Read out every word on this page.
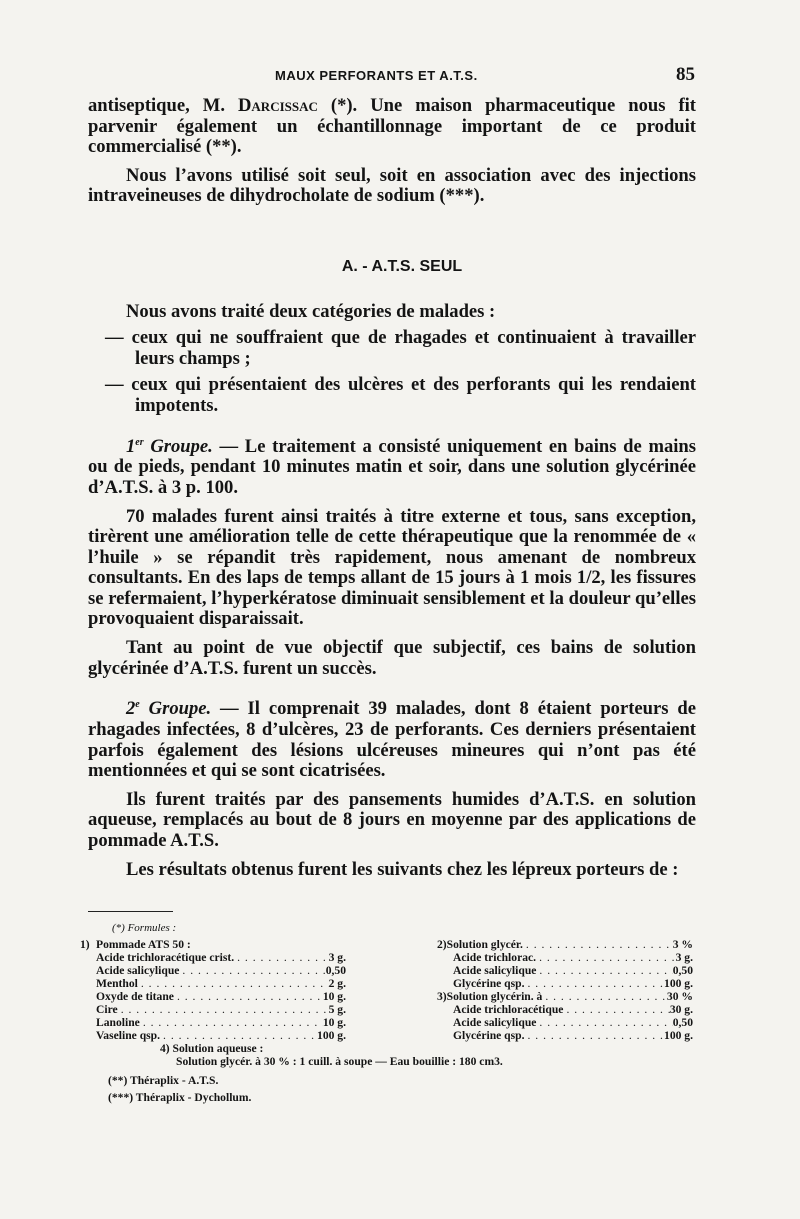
MAUX PERFORANTS ET A.T.S.	85

antiseptique, M. Darcissac (*). Une maison pharmaceutique nous fit parvenir également un échantillonnage important de ce produit commercialisé (**).

Nous l’avons utilisé soit seul, soit en association avec des injections intraveineuses de dihydrocholate de sodium (***).

A. - A.T.S. SEUL

Nous avons traité deux catégories de malades :

— ceux qui ne souffraient que de rhagades et continuaient à travailler leurs champs ;

— ceux qui présentaient des ulcères et des perforants qui les rendaient impotents.

1er Groupe. — Le traitement a consisté uniquement en bains de mains ou de pieds, pendant 10 minutes matin et soir, dans une solution glycérinée d’A.T.S. à 3 p. 100.

70 malades furent ainsi traités à titre externe et tous, sans exception, tirèrent une amélioration telle de cette thérapeutique que la renommée de « l’huile » se répandit très rapidement, nous amenant de nombreux consultants. En des laps de temps allant de 15 jours à 1 mois 1/2, les fissures se refermaient, l’hyperkératose diminuait sensiblement et la douleur qu’elles provoquaient disparaissait.

Tant au point de vue objectif que subjectif, ces bains de solution glycérinée d’A.T.S. furent un succès.

2e Groupe. — Il comprenait 39 malades, dont 8 étaient porteurs de rhagades infectées, 8 d’ulcères, 23 de perforants. Ces derniers présentaient parfois également des lésions ulcéreuses mineures qui n’ont pas été mentionnées et qui se sont cicatrisées.

Ils furent traités par des pansements humides d’A.T.S. en solution aqueuse, remplacés au bout de 8 jours en moyenne par des applications de pommade A.T.S.

Les résultats obtenus furent les suivants chez les lépreux porteurs de :

(*) Formules :
1) Pommade ATS 50 :
Acide trichloracétique crist. . . .	3 g.
Acide salicylique . . .	0,50
Menthol . . .	2 g.
Oxyde de titane . . .	10 g.
Cire . . .	5 g.
Lanoline . . .	10 g.
Vaseline qsp. . . .	100 g.
2) Solution glycér. . . .	3 %
Acide trichlorac. . . .	3 g.
Acide salicylique . . .	0,50
Glycérine qsp. . . .	100 g.
3) Solution glycérin. à . . .	30 %
Acide trichloracétique . . .	30 g.
Acide salicylique . . .	0,50
Glycérine qsp. . . .	100 g.
4) Solution aqueuse :
Solution glycér. à 30 % : 1 cuill. à soupe — Eau bouillie : 180 cm3.
(**) Théraplix - A.T.S.
(***) Théraplix - Dychollum.
